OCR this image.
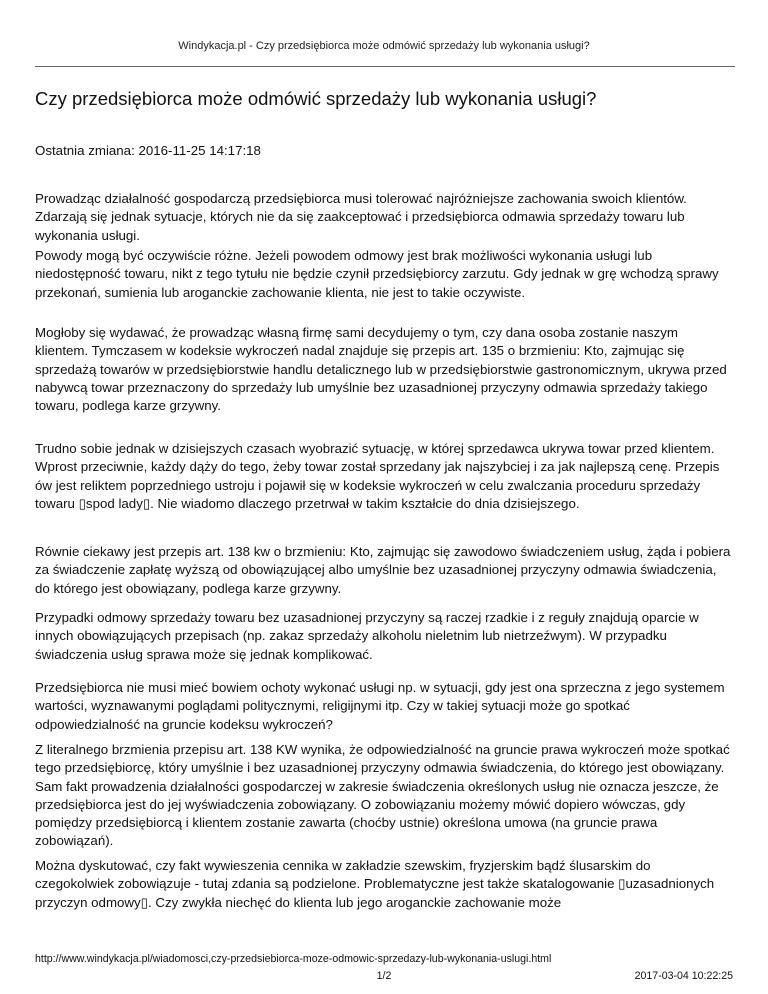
Windykacja.pl - Czy przedsiębiorca może odmówić sprzedaży lub wykonania usługi?
Czy przedsiębiorca może odmówić sprzedaży lub wykonania usługi?
Ostatnia zmiana: 2016-11-25 14:17:18

Prowadząc działalność gospodarczą przedsiębiorca musi tolerować najróżniejsze zachowania swoich klientów. Zdarzają się jednak sytuacje, których nie da się zaakceptować i przedsiębiorca odmawia sprzedaży towaru lub wykonania usługi.

Powody mogą być oczywiście różne. Jeżeli powodem odmowy jest brak możliwości wykonania usługi lub niedostępność towaru, nikt z tego tytułu nie będzie czynił przedsiębiorcy zarzutu. Gdy jednak w grę wchodzą sprawy przekonań, sumienia lub aroganckie zachowanie klienta, nie jest to takie oczywiste.

Mogłoby się wydawać, że prowadząc własną firmę sami decydujemy o tym, czy dana osoba zostanie naszym klientem. Tymczasem w kodeksie wykroczeń nadal znajduje się przepis art. 135 o brzmieniu: Kto, zajmując się sprzedażą towarów w przedsiębiorstwie handlu detalicznego lub w przedsiębiorstwie gastronomicznym, ukrywa przed nabywcą towar przeznaczony do sprzedaży lub umyślnie bez uzasadnionej przyczyny odmawia sprzedaży takiego towaru, podlega karze grzywny.

Trudno sobie jednak w dzisiejszych czasach wyobrazić sytuację, w której sprzedawca ukrywa towar przed klientem. Wprost przeciwnie, każdy dąży do tego, żeby towar został sprzedany jak najszybciej i za jak najlepszą cenę. Przepis ów jest reliktem poprzedniego ustroju i pojawił się w kodeksie wykroczeń w celu zwalczania proceduru sprzedaży towaru ▯spod lady▯. Nie wiadomo dlaczego przetrwał w takim kształcie do dnia dzisiejszego.

Równie ciekawy jest przepis art. 138 kw o brzmieniu: Kto, zajmując się zawodowo świadczeniem usług, żąda i pobiera za świadczenie zapłatę wyższą od obowiązującej albo umyślnie bez uzasadnionej przyczyny odmawia świadczenia, do którego jest obowiązany, podlega karze grzywny.

Przypadki odmowy sprzedaży towaru bez uzasadnionej przyczyny są raczej rzadkie i z reguły znajdują oparcie w innych obowiązujących przepisach (np. zakaz sprzedaży alkoholu nieletnim lub nietrzeźwym). W przypadku świadczenia usług sprawa może się jednak komplikować.

Przedsiębiorca nie musi mieć bowiem ochoty wykonać usługi np. w sytuacji, gdy jest ona sprzeczna z jego systemem wartości, wyznawanymi poglądami politycznymi, religijnymi itp. Czy w takiej sytuacji może go spotkać odpowiedzialność na gruncie kodeksu wykroczeń?

Z literalnego brzmienia przepisu art. 138 KW wynika, że odpowiedzialność na gruncie prawa wykroczeń może spotkać tego przedsiębiorcę, który umyślnie i bez uzasadnionej przyczyny odmawia świadczenia, do którego jest obowiązany. Sam fakt prowadzenia działalności gospodarczej w zakresie świadczenia określonych usług nie oznacza jeszcze, że przedsiębiorca jest do jej wyświadczenia zobowiązany. O zobowiązaniu możemy mówić dopiero wówczas, gdy pomiędzy przedsiębiorcą i klientem zostanie zawarta (choćby ustnie) określona umowa (na gruncie prawa zobowiązań).

Można dyskutować, czy fakt wywieszenia cennika w zakładzie szewskim, fryzjerskim bądź ślusarskim do czegokolwiek zobowiązuje - tutaj zdania są podzielone. Problematyczne jest także skatalogowanie ▯uzasadnionych przyczyn odmowy▯. Czy zwykła niechęć do klienta lub jego aroganckie zachowanie może

http://www.windykacja.pl/wiadomosci,czy-przedsiebiorca-moze-odmowic-sprzedazy-lub-wykonania-uslugi.html
1/2	2017-03-04 10:22:25
